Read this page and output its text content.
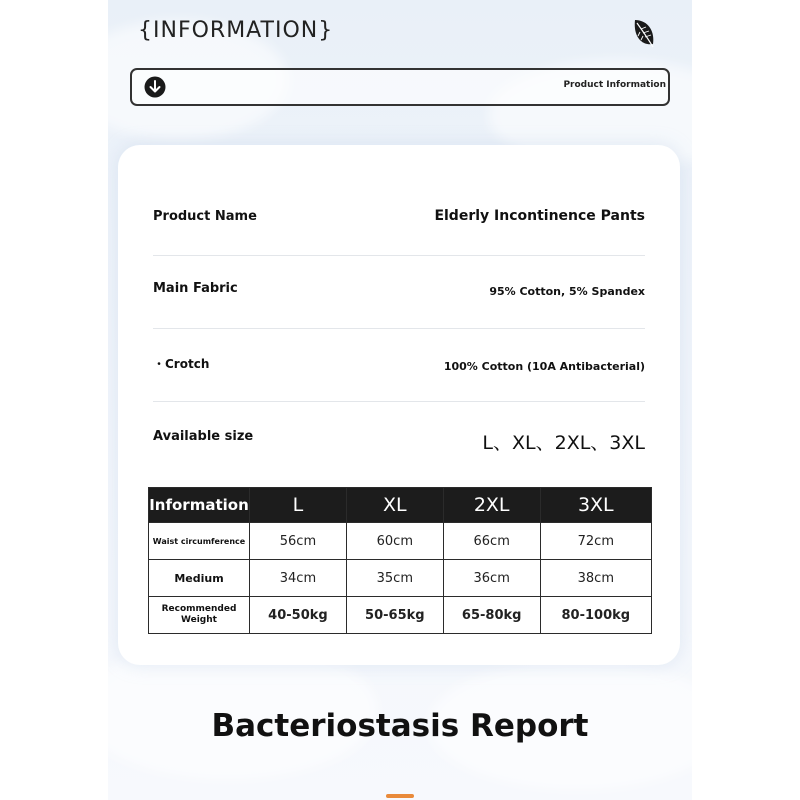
{INFORMATION}
Product Information
Product Name	Elderly Incontinence Pants
Main Fabric	95% Cotton, 5% Spandex
・Crotch	100% Cotton (10A Antibacterial)
Available size	L、XL、2XL、3XL
Information	L	XL	2XL	3XL
Waist circumference	56cm	60cm	66cm	72cm
Medium	34cm	35cm	36cm	38cm
Recommended Weight	40-50kg	50-65kg	65-80kg	80-100kg
Bacteriostasis Report
